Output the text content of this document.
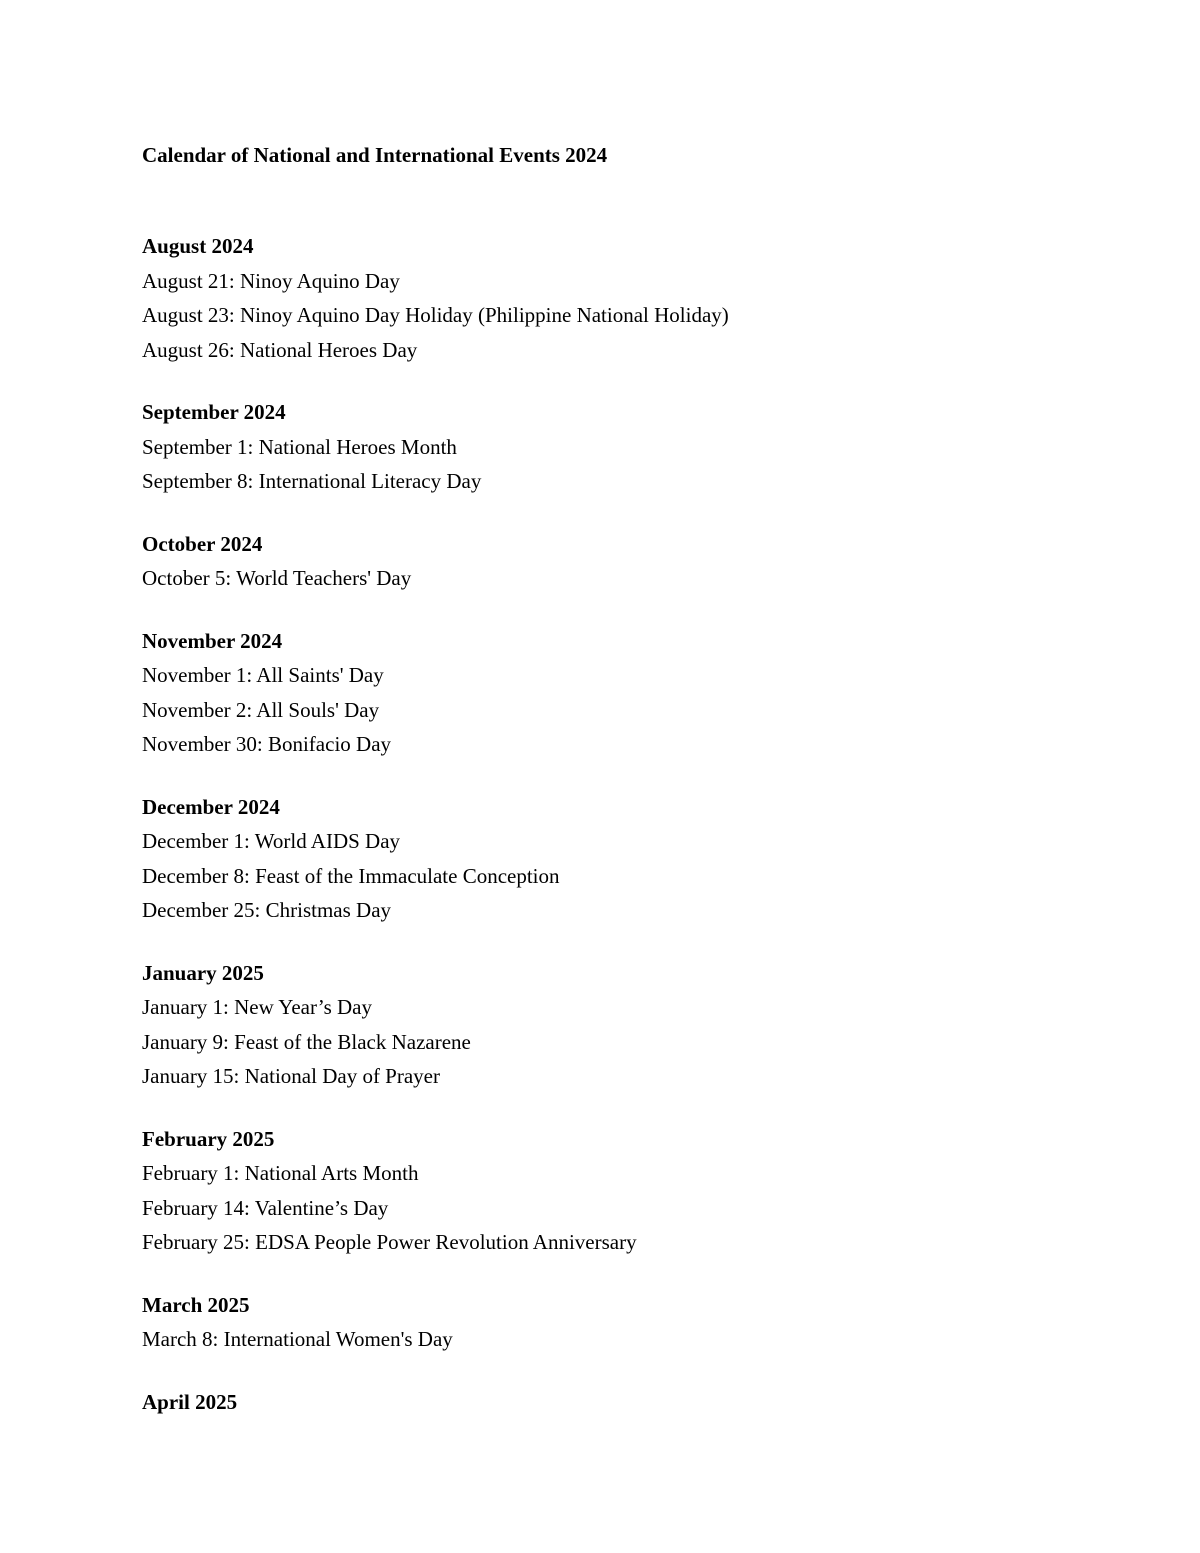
Calendar of National and International Events 2024
August 2024
August 21: Ninoy Aquino Day
August 23: Ninoy Aquino Day Holiday (Philippine National Holiday)
August 26: National Heroes Day
September 2024
September 1: National Heroes Month
September 8: International Literacy Day
October 2024
October 5: World Teachers' Day
November 2024
November 1: All Saints' Day
November 2: All Souls' Day
November 30: Bonifacio Day
December 2024
December 1: World AIDS Day
December 8: Feast of the Immaculate Conception
December 25: Christmas Day
January 2025
January 1: New Year’s Day
January 9: Feast of the Black Nazarene
January 15: National Day of Prayer
February 2025
February 1: National Arts Month
February 14: Valentine’s Day
February 25: EDSA People Power Revolution Anniversary
March 2025
March 8: International Women's Day
April 2025
